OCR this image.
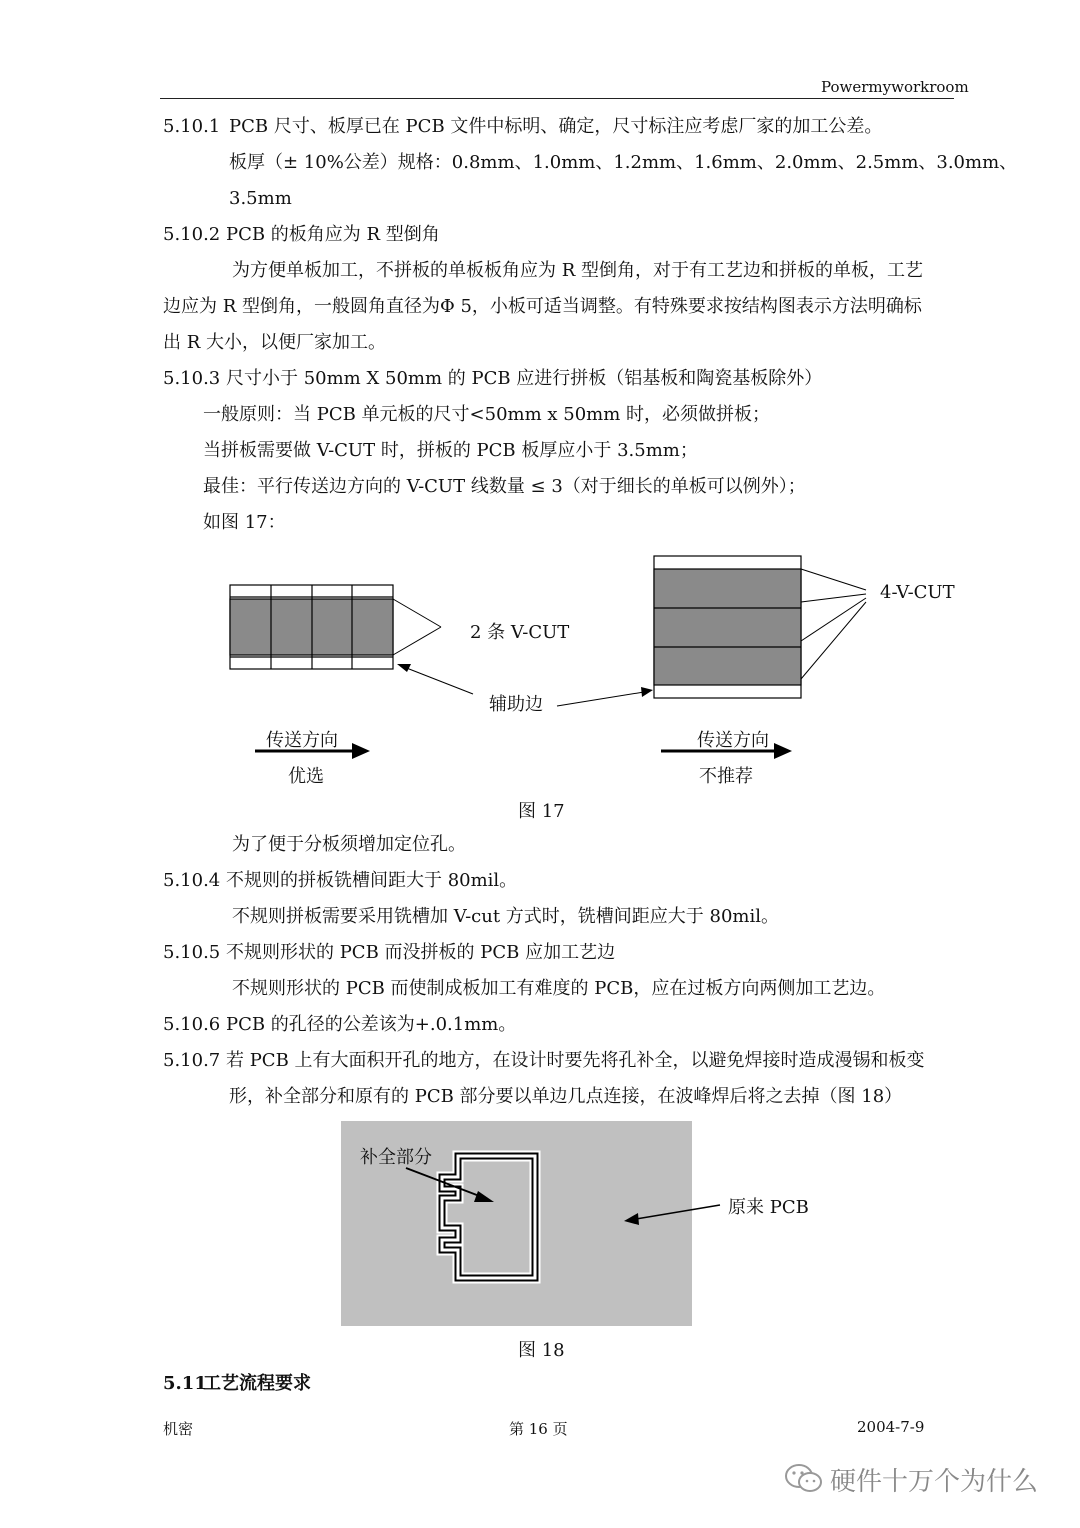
Powermyworkroom
5.10.1 PCB 尺寸、板厚已在 PCB 文件中标明、确定，尺寸标注应考虑厂家的加工公差。
板厚（± 10%公差）规格：0.8mm、1.0mm、1.2mm、1.6mm、2.0mm、2.5mm、3.0mm、
3.5mm
5.10.2 PCB 的板角应为 R 型倒角
为方便单板加工，不拼板的单板板角应为 R 型倒角，对于有工艺边和拼板的单板，工艺
边应为 R 型倒角，一般圆角直径为Φ 5，小板可适当调整。有特殊要求按结构图表示方法明确标
出 R 大小，以便厂家加工。
5.10.3 尺寸小于 50mm X 50mm 的 PCB 应进行拼板（铝基板和陶瓷基板除外）
一般原则：当 PCB 单元板的尺寸<50mm x 50mm 时，必须做拼板；
当拼板需要做 V-CUT 时，拼板的 PCB 板厚应小于 3.5mm；
最佳：平行传送边方向的 V-CUT 线数量 ≤ 3（对于细长的单板可以例外）；
如图 17：
2 条 V-CUT
4-V-CUT
辅助边
传送方向	传送方向
优选	不推荐
图 17
为了便于分板须增加定位孔。
5.10.4 不规则的拼板铣槽间距大于 80mil。
不规则拼板需要采用铣槽加 V-cut 方式时，铣槽间距应大于 80mil。
5.10.5 不规则形状的 PCB 而没拼板的 PCB 应加工艺边
不规则形状的 PCB 而使制成板加工有难度的 PCB，应在过板方向两侧加工艺边。
5.10.6 PCB 的孔径的公差该为+.0.1mm。
5.10.7 若 PCB 上有大面积开孔的地方，在设计时要先将孔补全，以避免焊接时造成漫锡和板变
形，补全部分和原有的 PCB 部分要以单边几点连接，在波峰焊后将之去掉（图 18）
补全部分
原来 PCB
图 18
5.11
工艺流程要求
机密	第 16 页	2004-7-9
硬件十万个为什么
